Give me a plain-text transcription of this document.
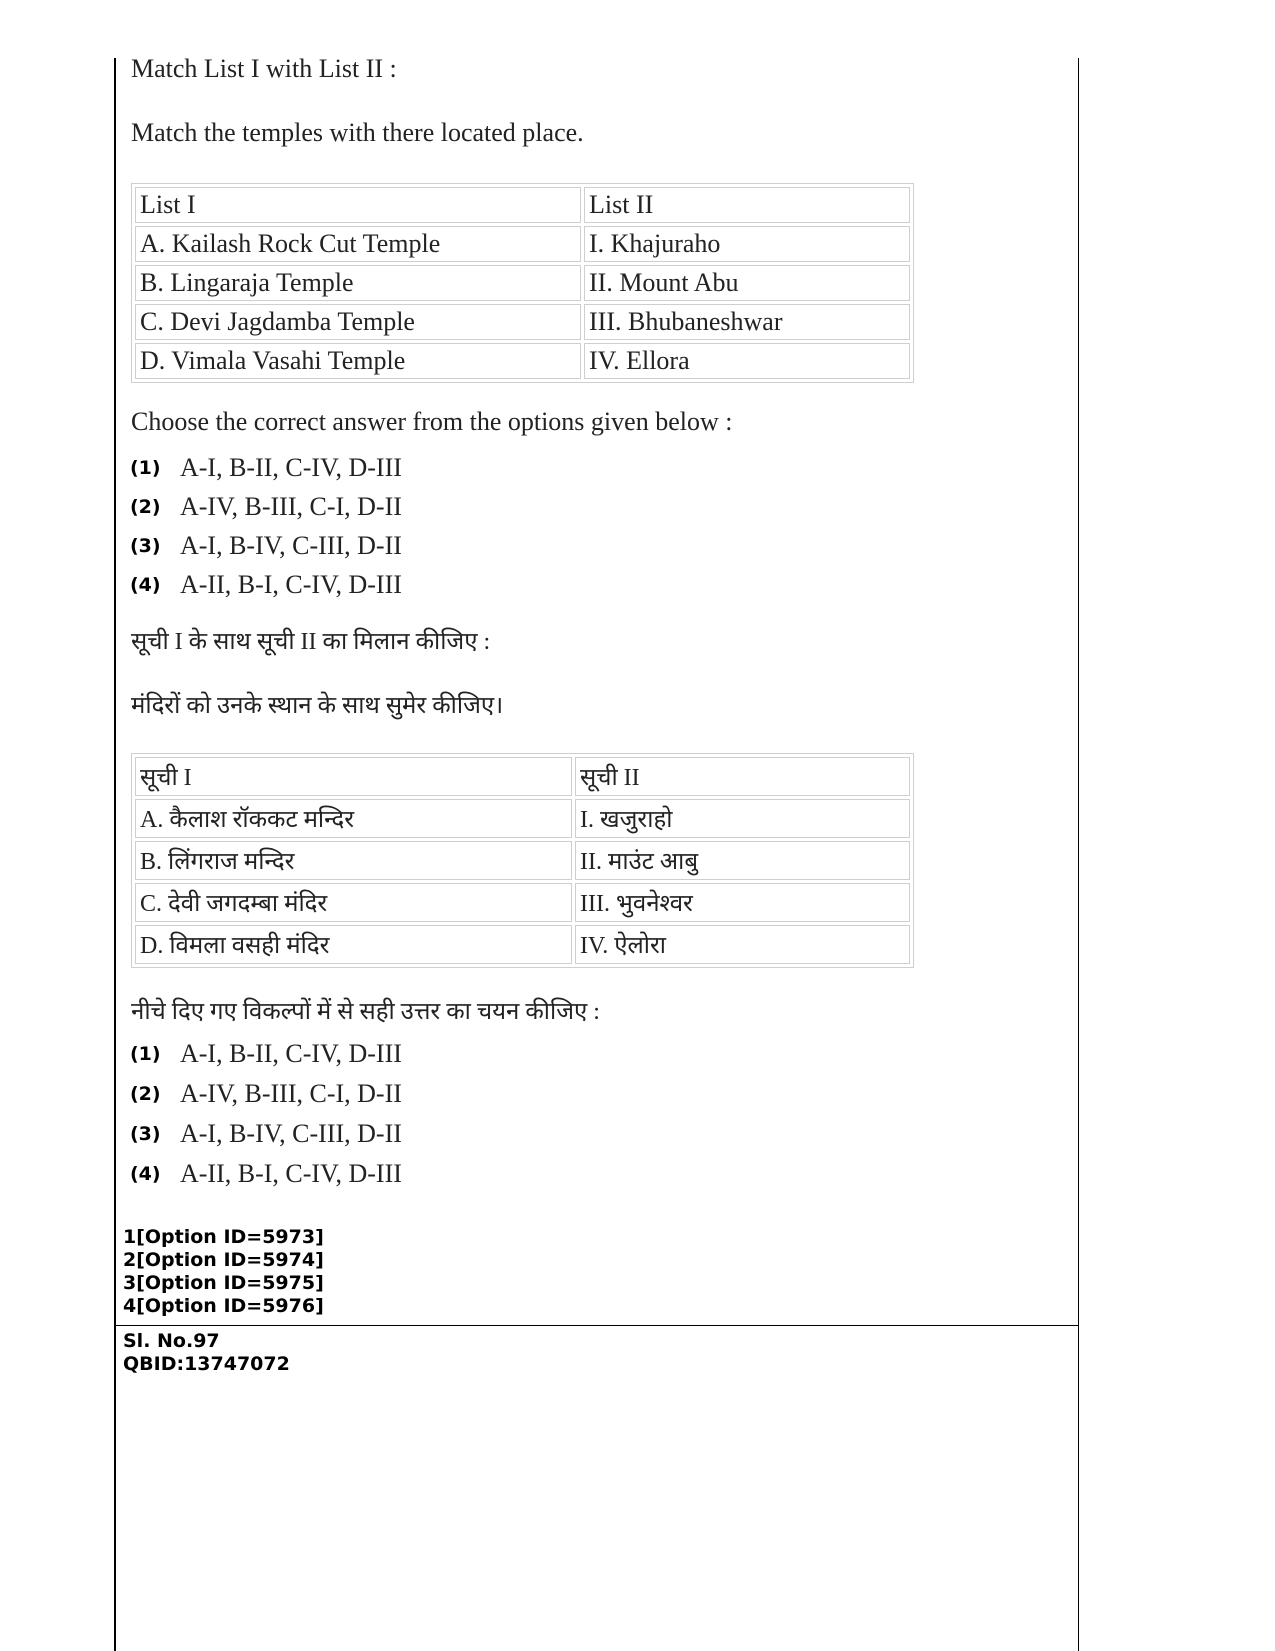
Match List I with List II :
Match the temples with there located place.
List I	List II
A. Kailash Rock Cut Temple	I. Khajuraho
B. Lingaraja Temple	II. Mount Abu
C. Devi Jagdamba Temple	III. Bhubaneshwar
D. Vimala Vasahi Temple	IV. Ellora
Choose the correct answer from the options given below :
(1) A-I, B-II, C-IV, D-III
(2) A-IV, B-III, C-I, D-II
(3) A-I, B-IV, C-III, D-II
(4) A-II, B-I, C-IV, D-III
सूची I के साथ सूची II का मिलान कीजिए :
मंदिरों को उनके स्थान के साथ सुमेर कीजिए।
सूची I	सूची II
A. कैलाश रॉककट मन्दिर	I. खजुराहो
B. लिंगराज मन्दिर	II. माउंट आबु
C. देवी जगदम्बा मंदिर	III. भुवनेश्वर
D. विमला वसही मंदिर	IV. ऐलोरा
नीचे दिए गए विकल्पों में से सही उत्तर का चयन कीजिए :
(1) A-I, B-II, C-IV, D-III
(2) A-IV, B-III, C-I, D-II
(3) A-I, B-IV, C-III, D-II
(4) A-II, B-I, C-IV, D-III
1[Option ID=5973]
2[Option ID=5974]
3[Option ID=5975]
4[Option ID=5976]
Sl. No.97
QBID:13747072
